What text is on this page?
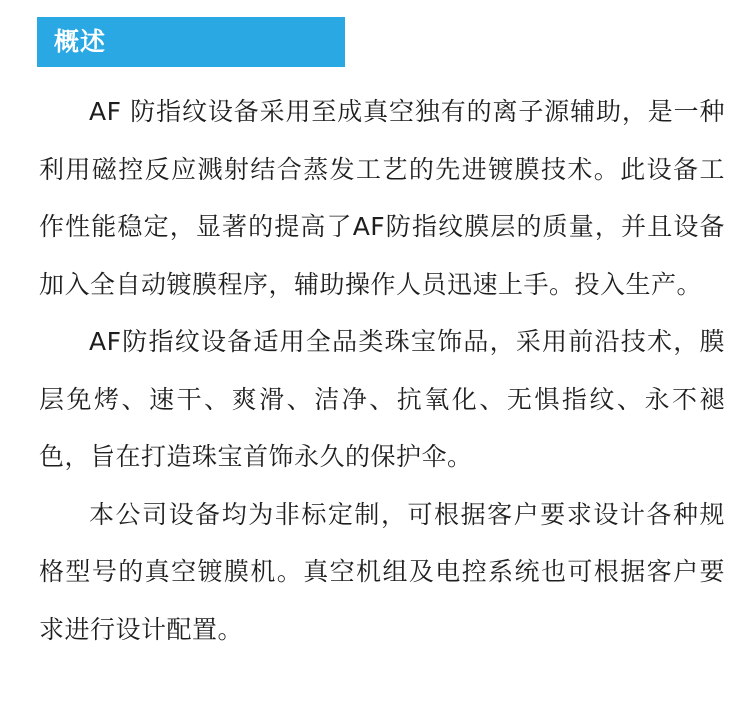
概述

AF 防指纹设备采用至成真空独有的离子源辅助，是一种利用磁控反应溅射结合蒸发工艺的先进镀膜技术。此设备工作性能稳定，显著的提高了AF防指纹膜层的质量，并且设备加入全自动镀膜程序，辅助操作人员迅速上手。投入生产。

AF防指纹设备适用全品类珠宝饰品，采用前沿技术，膜层免烤、速干、爽滑、洁净、抗氧化、无惧指纹、永不褪色，旨在打造珠宝首饰永久的保护伞。

本公司设备均为非标定制，可根据客户要求设计各种规格型号的真空镀膜机。真空机组及电控系统也可根据客户要求进行设计配置。
